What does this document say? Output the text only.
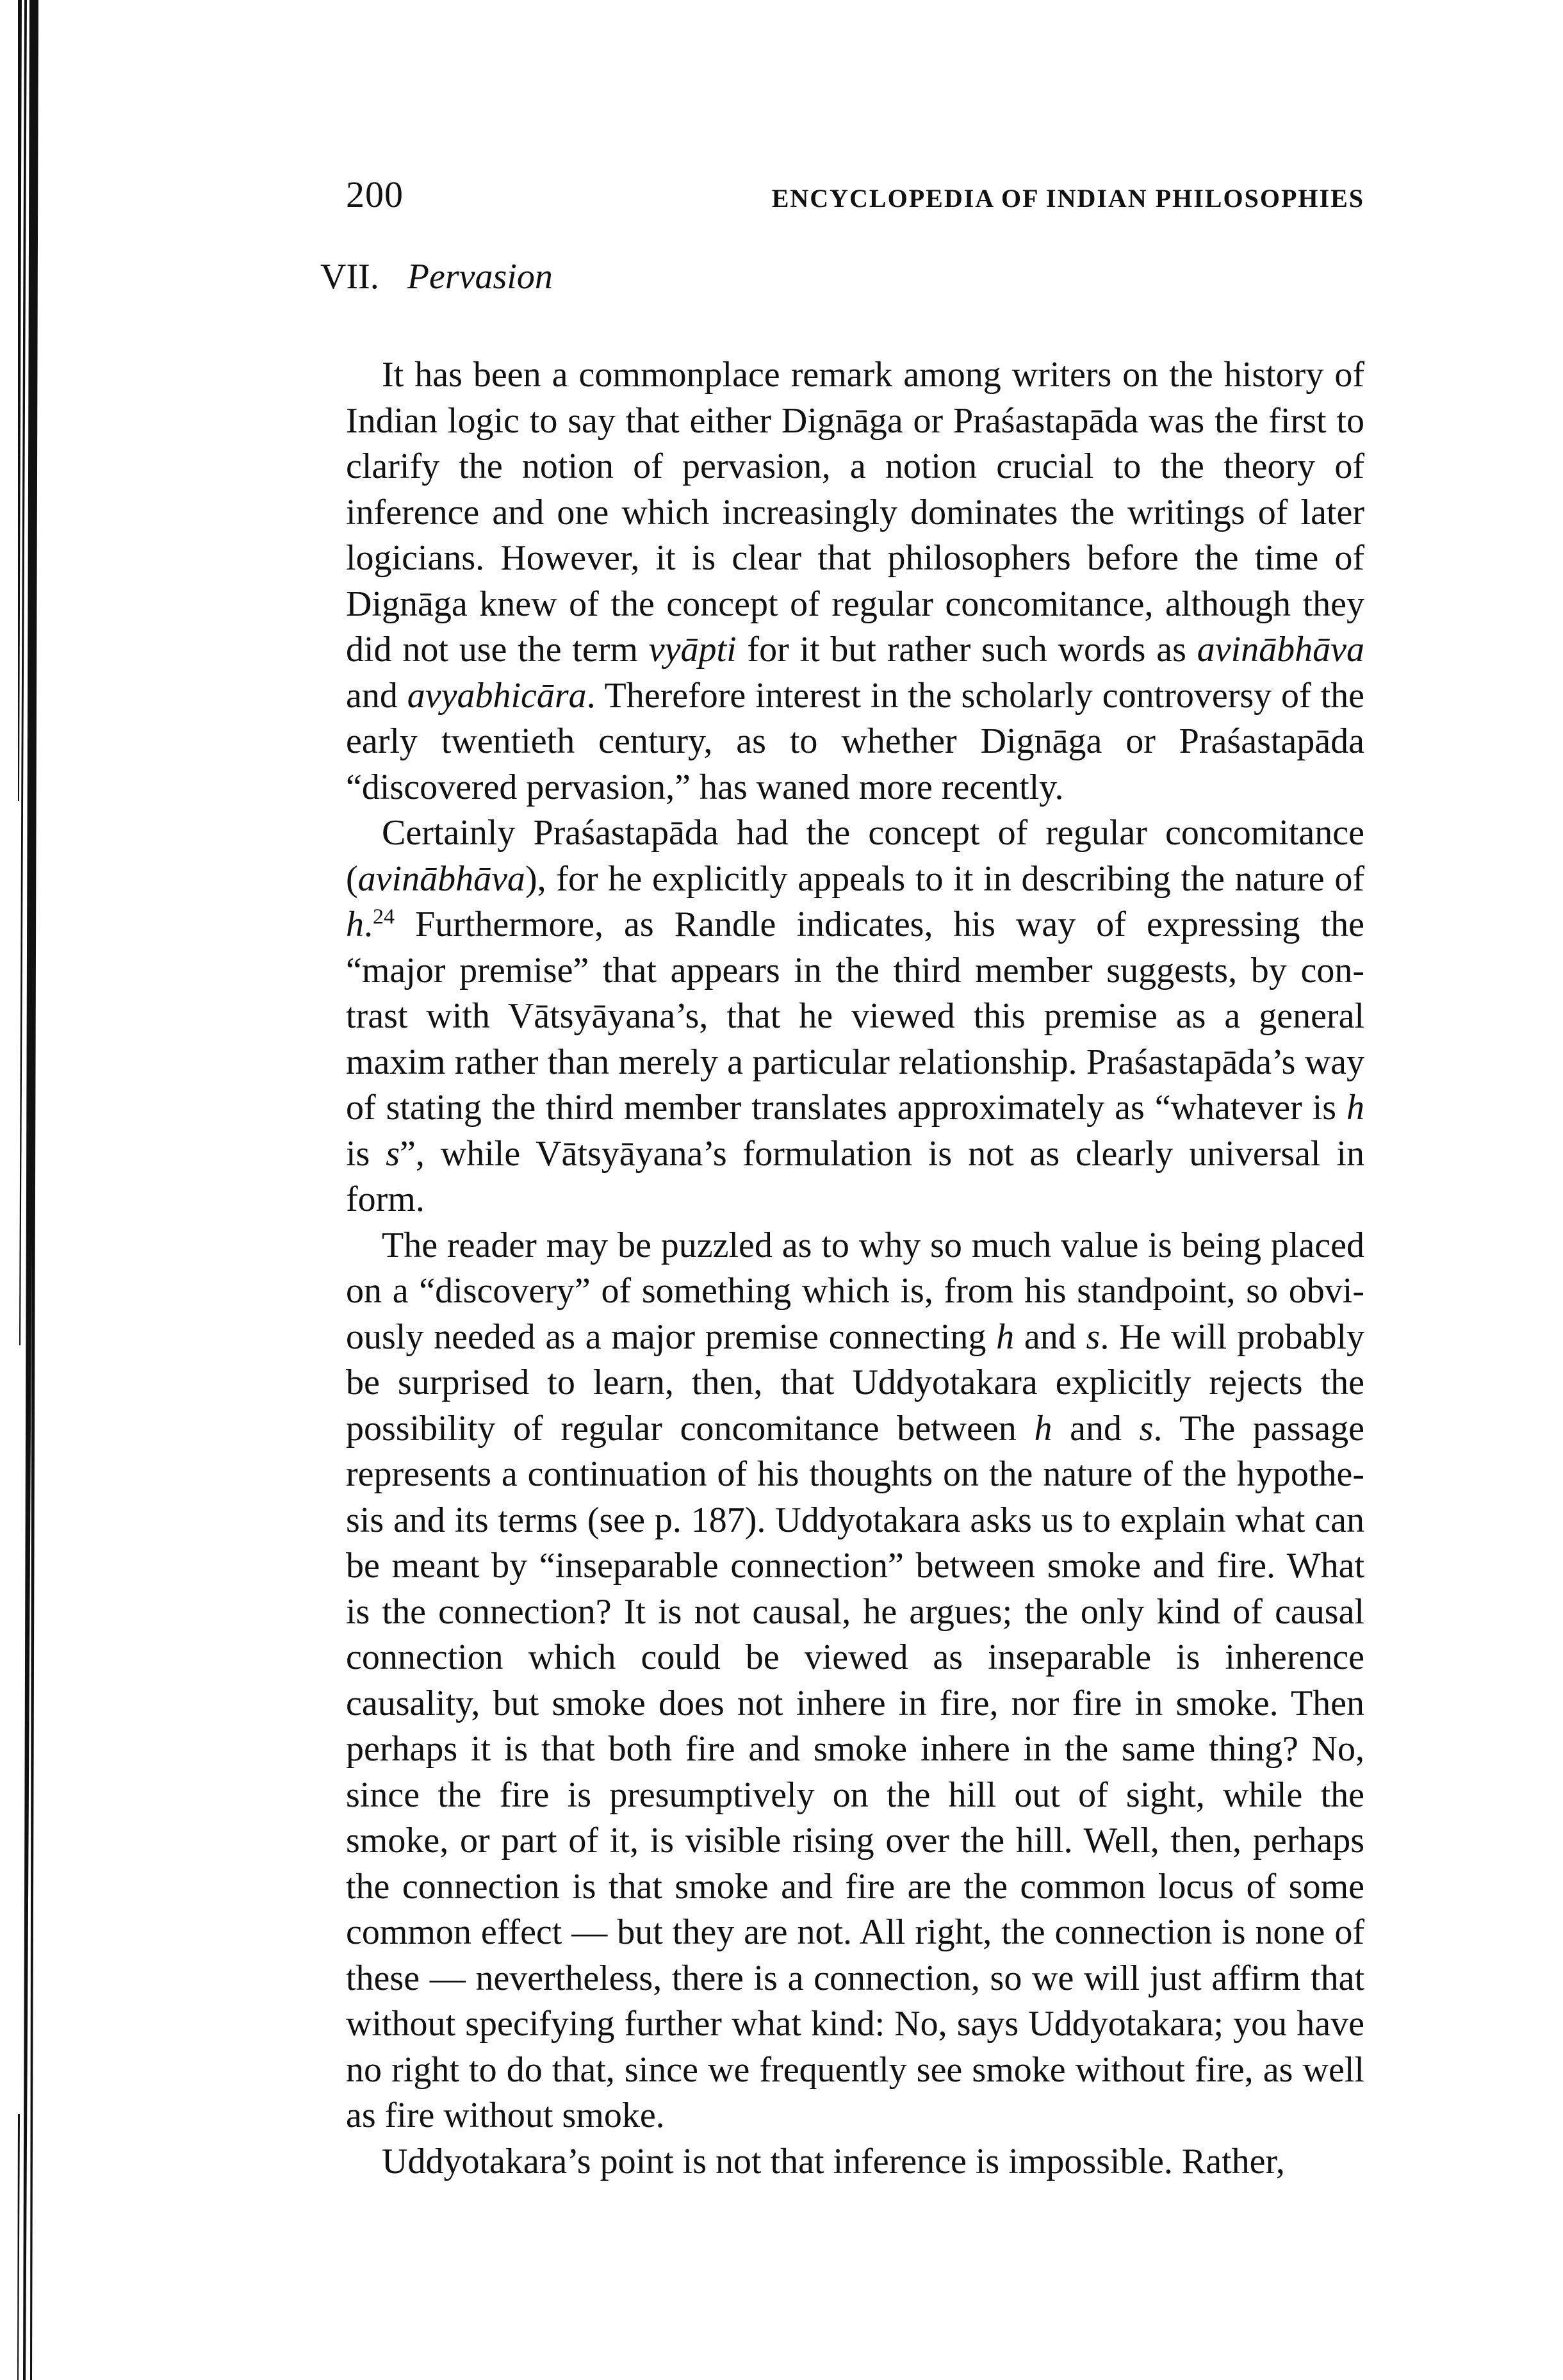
200	ENCYCLOPEDIA OF INDIAN PHILOSOPHIES
VII. Pervasion

It has been a commonplace remark among writers on the history of Indian logic to say that either Dignāga or Praśastapāda was the first to clarify the notion of pervasion, a notion crucial to the theory of inference and one which increasingly dominates the writings of later logicians. However, it is clear that philosophers before the time of Dignāga knew of the concept of regular concomitance, although they did not use the term vyāpti for it but rather such words as avinābhāva and avyabhicāra. Therefore interest in the scholarly controversy of the early twentieth century, as to whether Dignāga or Praśastapāda “discovered pervasion,” has waned more recently.

Certainly Praśastapāda had the concept of regular concomitance (avinābhāva), for he explicitly appeals to it in describing the nature of h.$^{24}$ Furthermore, as Randle indicates, his way of expressing the “major premise” that appears in the third member suggests, by contrast with Vātsyāyana’s, that he viewed this premise as a general maxim rather than merely a particular relationship. Praśastapāda’s way of stating the third member translates approximately as “whatever is h is s”, while Vātsyāyana’s formulation is not as clearly universal in form.

The reader may be puzzled as to why so much value is being placed on a “discovery” of something which is, from his standpoint, so obviously needed as a major premise connecting h and s. He will probably be surprised to learn, then, that Uddyotakara explicitly rejects the possibility of regular concomitance between h and s. The passage represents a continuation of his thoughts on the nature of the hypothesis and its terms (see p. 187). Uddyotakara asks us to explain what can be meant by “inseparable connection” between smoke and fire. What is the connection? It is not causal, he argues; the only kind of causal connection which could be viewed as inseparable is inherence causality, but smoke does not inhere in fire, nor fire in smoke. Then perhaps it is that both fire and smoke inhere in the same thing? No, since the fire is presumptively on the hill out of sight, while the smoke, or part of it, is visible rising over the hill. Well, then, perhaps the connection is that smoke and fire are the common locus of some common effect — but they are not. All right, the connection is none of these — nevertheless, there is a connection, so we will just affirm that without specifying further what kind: No, says Uddyotakara; you have no right to do that, since we frequently see smoke without fire, as well as fire without smoke.

Uddyotakara’s point is not that inference is impossible. Rather,
